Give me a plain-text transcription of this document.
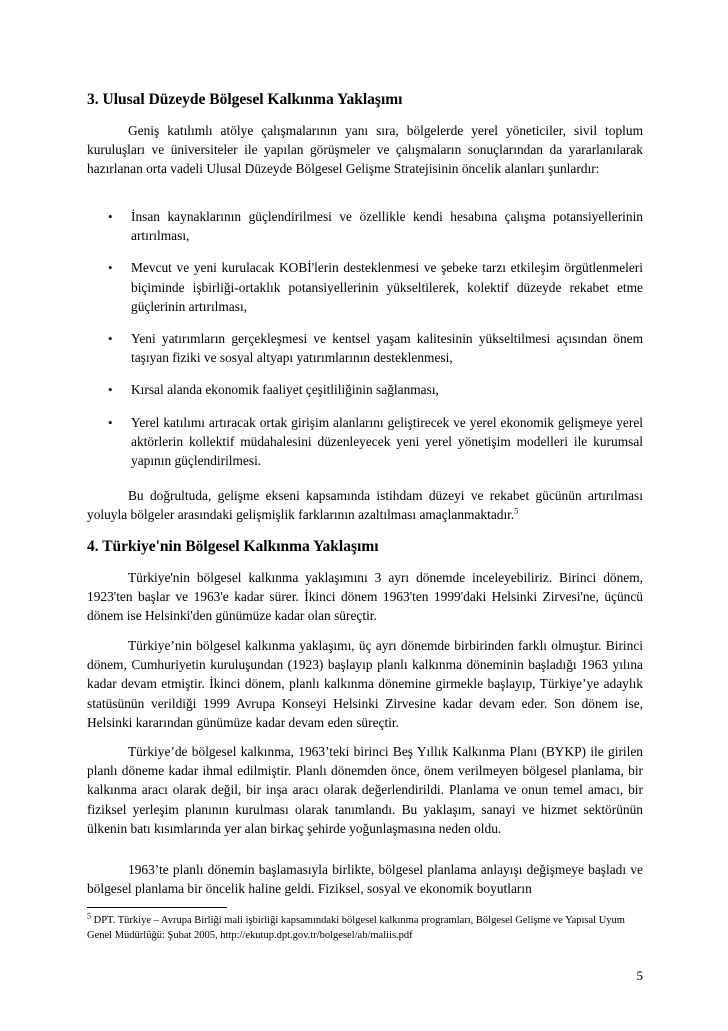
3. Ulusal Düzeyde Bölgesel Kalkınma Yaklaşımı

Geniş katılımlı atölye çalışmalarının yanı sıra, bölgelerde yerel yöneticiler, sivil toplum kuruluşları ve üniversiteler ile yapılan görüşmeler ve çalışmaların sonuçlarından da yararlanılarak hazırlanan orta vadeli Ulusal Düzeyde Bölgesel Gelişme Stratejisinin öncelik alanları şunlardır:

• İnsan kaynaklarının güçlendirilmesi ve özellikle kendi hesabına çalışma potansiyellerinin artırılması,
• Mevcut ve yeni kurulacak KOBİ'lerin desteklenmesi ve şebeke tarzı etkileşim örgütlenmeleri biçiminde işbirliği-ortaklık potansiyellerinin yükseltilerek, kolektif düzeyde rekabet etme güçlerinin artırılması,
• Yeni yatırımların gerçekleşmesi ve kentsel yaşam kalitesinin yükseltilmesi açısından önem taşıyan fiziki ve sosyal altyapı yatırımlarının desteklenmesi,
• Kırsal alanda ekonomik faaliyet çeşitliliğinin sağlanması,
• Yerel katılımı artıracak ortak girişim alanlarını geliştirecek ve yerel ekonomik gelişmeye yerel aktörlerin kollektif müdahalesini düzenleyecek yeni yerel yönetişim modelleri ile kurumsal yapının güçlendirilmesi.

Bu doğrultuda, gelişme ekseni kapsamında istihdam düzeyi ve rekabet gücünün artırılması yoluyla bölgeler arasındaki gelişmişlik farklarının azaltılması amaçlanmaktadır.$^5$

4. Türkiye'nin Bölgesel Kalkınma Yaklaşımı

Türkiye'nin bölgesel kalkınma yaklaşımını 3 ayrı dönemde inceleyebiliriz. Birinci dönem, 1923'ten başlar ve 1963'e kadar sürer. İkinci dönem 1963'ten 1999'daki Helsinki Zirvesi'ne, üçüncü dönem ise Helsinki'den günümüze kadar olan süreçtir.

Türkiye’nin bölgesel kalkınma yaklaşımı, üç ayrı dönemde birbirinden farklı olmuştur. Birinci dönem, Cumhuriyetin kuruluşundan (1923) başlayıp planlı kalkınma döneminin başladığı 1963 yılına kadar devam etmiştir. İkinci dönem, planlı kalkınma dönemine girmekle başlayıp, Türkiye’ye adaylık statüsünün verildiği 1999 Avrupa Konseyi Helsinki Zirvesine kadar devam eder. Son dönem ise, Helsinki kararından günümüze kadar devam eden süreçtir.

Türkiye’de bölgesel kalkınma, 1963’teki birinci Beş Yıllık Kalkınma Planı (BYKP) ile girilen planlı döneme kadar ihmal edilmiştir. Planlı dönemden önce, önem verilmeyen bölgesel planlama, bir kalkınma aracı olarak değil, bir inşa aracı olarak değerlendirildi. Planlama ve onun temel amacı, bir fiziksel yerleşim planının kurulması olarak tanımlandı. Bu yaklaşım, sanayi ve hizmet sektörünün ülkenin batı kısımlarında yer alan birkaç şehirde yoğunlaşmasına neden oldu.

1963’te planlı dönemin başlamasıyla birlikte, bölgesel planlama anlayışı değişmeye başladı ve bölgesel planlama bir öncelik haline geldi. Fiziksel, sosyal ve ekonomik boyutların

$^5$ DPT. Türkiye – Avrupa Birliği mali işbirliği kapsamındaki bölgesel kalkınma programları, Bölgesel Gelişme ve Yapısal Uyum Genel Müdürlüğü: Şubat 2005, http://ekutup.dpt.gov.tr/bolgesel/ab/maliis.pdf
5
